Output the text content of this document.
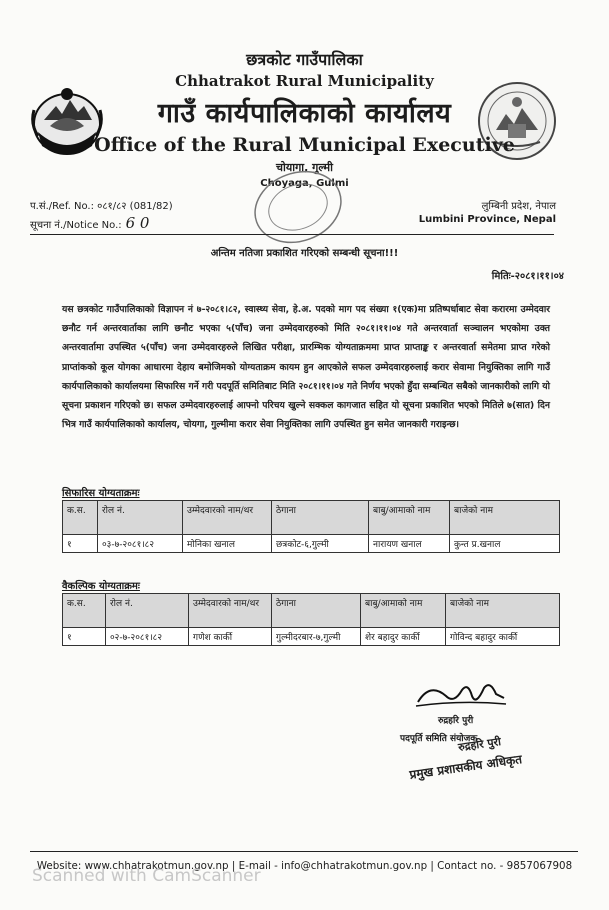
छत्रकोट गाउँपालिका
Chhatrakot Rural Municipality
गाउँ कार्यपालिकाको कार्यालय
Office of the Rural Municipal Executive
चोयागा, गुल्मी
Choyaga, Gulmi
प.सं./Ref. No.: ०८१/८२ (081/82)
सूचना नं./Notice No.: 6 0
लुम्बिनी प्रदेश, नेपाल
Lumbini Province, Nepal
अन्तिम नतिजा प्रकाशित गरिएको सम्बन्धी सूचना!!!
मितिः-२०८१।११।०४
यस छत्रकोट गाउँपालिकाको विज्ञापन नं ७-२०८१।८२, स्वास्थ्य सेवा, हे.अ. पदको माग पद संख्या १(एक)मा प्रतिष्पर्धाबाट सेवा करारमा उम्मेदवार छनौट गर्न अन्तरवार्ताका लागि छनौट भएका ५(पाँच) जना उम्मेदवारहरुको मिति २०८१।११।०४ गते अन्तरवार्ता सञ्चालन भएकोमा उक्त अन्तरवार्तामा उपस्थित ५(पाँच) जना उम्मेदवारहरुले लिखित परीक्षा, प्रारम्भिक योग्यताक्रममा प्राप्त प्राप्ताङ्क र अन्तरवार्ता समेतमा प्राप्त गरेको प्राप्तांकको कूल योगका आधारमा देहाय बमोजिमको योग्यताक्रम कायम हुन आएकोले सफल उम्मेदवारहरुलाई करार सेवामा नियुक्तिका लागि गाउँ कार्यपालिकाको कार्यालयमा सिफारिस गर्ने गरी पदपूर्ति समितिबाट मिति २०८१।११।०४ गते निर्णय भएको हुँदा सम्बन्धित सबैको जानकारीको लागि यो सूचना प्रकाशन गरिएको छ। सफल उम्मेदवारहरुलाई आफ्नो परिचय खुल्ने सक्कल कागजात सहित यो सूचना प्रकाशित भएको मितिले ७(सात) दिन भित्र गाउँ कार्यपालिकाको कार्यालय, चोयगा, गुल्मीमा करार सेवा नियुक्तिका लागि उपस्थित हुन समेत जानकारी गराइन्छ।
सिफारिस योग्यताक्रमः
क.स.	रोल नं.	उम्मेदवारको नाम/थर	ठेगाना	बाबु/आमाको नाम	बाजेको नाम
१	०३-७-२०८१।८२	मोनिका खनाल	छत्रकोट-६,गुल्मी	नारायण खनाल	कुन्त प्र.खनाल
वैकल्पिक योग्यताक्रमः
क.स.	रोल नं.	उम्मेदवारको नाम/थर	ठेगाना	बाबु/आमाको नाम	बाजेको नाम
१	०२-७-२०८१।८२	गणेश कार्की	गुल्मीदरबार-७,गुल्मी	शेर बहादुर कार्की	गोविन्द बहादुर कार्की
रुद्रहरि पुरी
पदपूर्ति समिति संयोजक
रुद्रहरि पुरी
प्रमुख प्रशासकीय अधिकृत
Website: www.chhatrakotmun.gov.np | E-mail - info@chhatrakotmun.gov.np | Contact no. - 9857067908
Scanned with CamScanner
